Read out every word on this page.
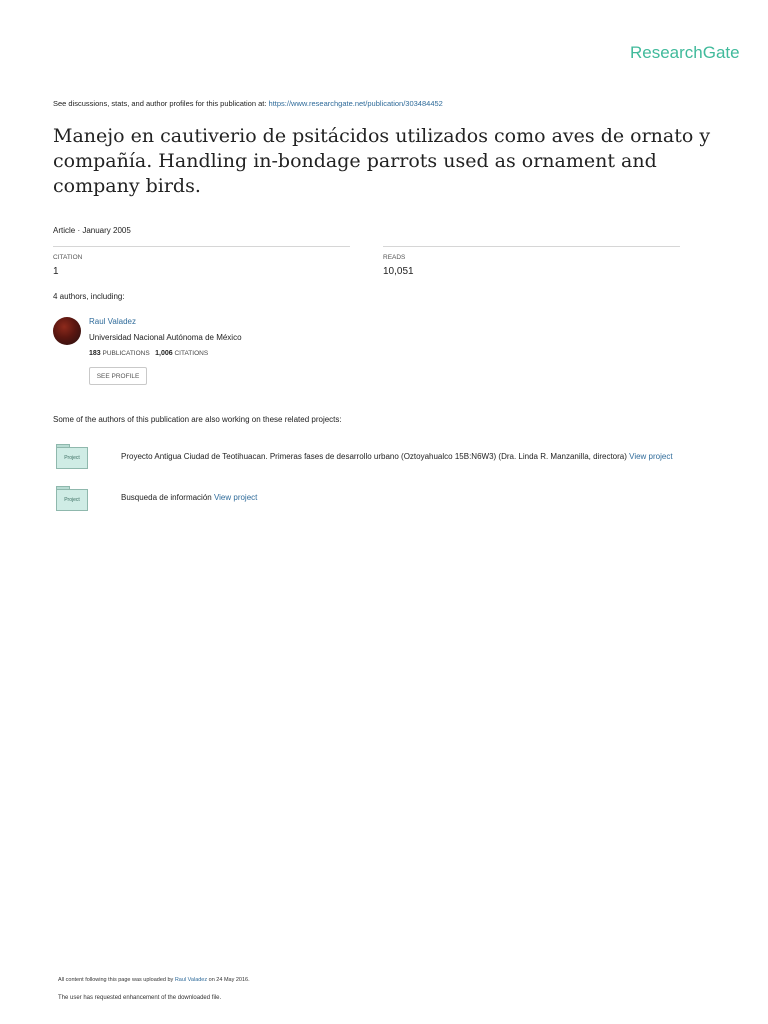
ResearchGate
See discussions, stats, and author profiles for this publication at: https://www.researchgate.net/publication/303484452
Manejo en cautiverio de psitácidos utilizados como aves de ornato y compañía. Handling in-bondage parrots used as ornament and company birds.
Article · January 2005
CITATION
1
READS
10,051
4 authors, including:
Raul Valadez
Universidad Nacional Autónoma de México
183 PUBLICATIONS 1,006 CITATIONS
SEE PROFILE
Some of the authors of this publication are also working on these related projects:
Project	Proyecto Antigua Ciudad de Teotihuacan. Primeras fases de desarrollo urbano (Oztoyahualco 15B:N6W3) (Dra. Linda R. Manzanilla, directora) View project
Project	Busqueda de información View project
All content following this page was uploaded by Raul Valadez on 24 May 2016.
The user has requested enhancement of the downloaded file.
